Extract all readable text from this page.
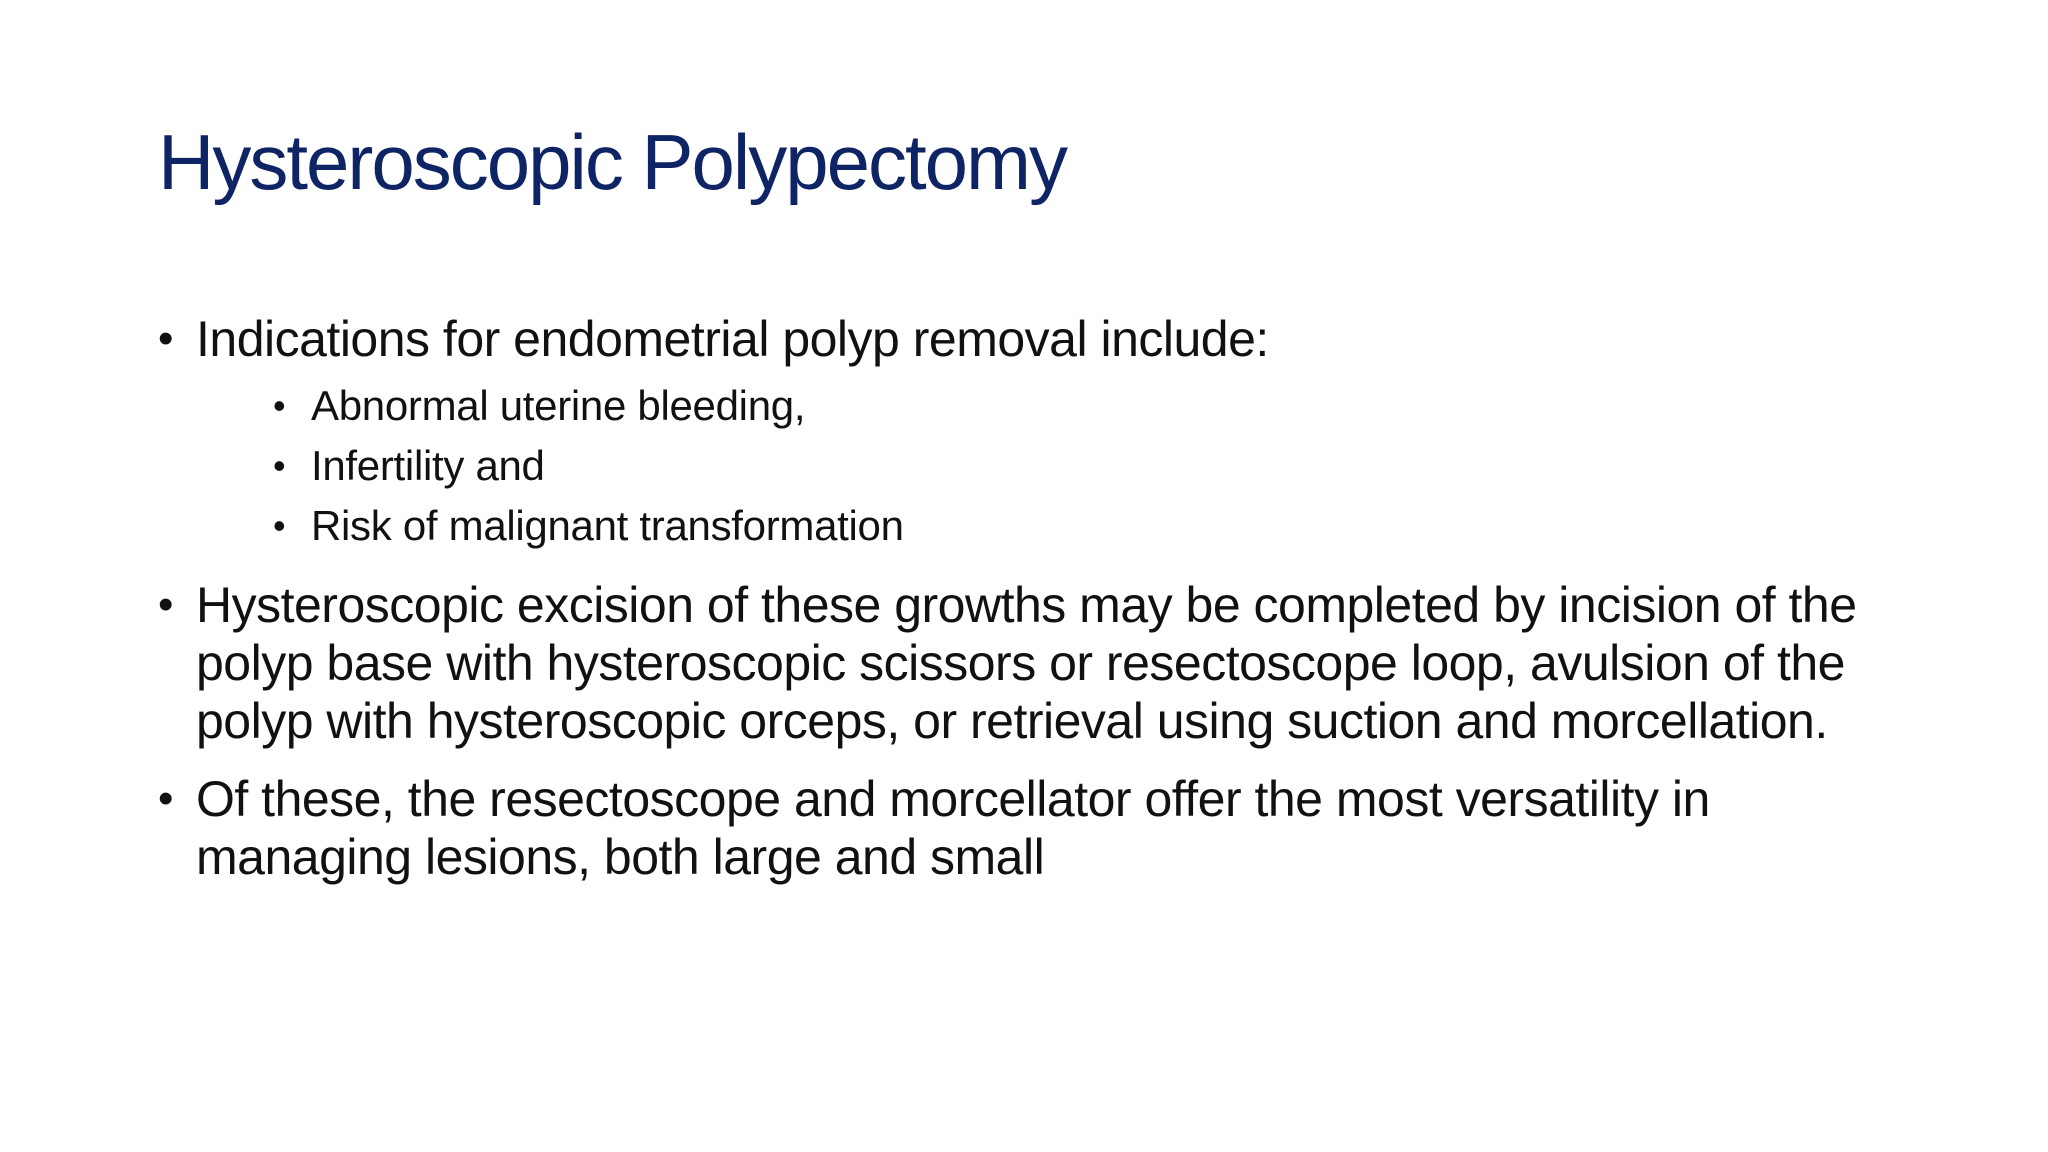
Hysteroscopic Polypectomy
• Indications for endometrial polyp removal include:
• Abnormal uterine bleeding,
• Infertility and
• Risk of malignant transformation
• Hysteroscopic excision of these growths may be completed by incision of the polyp base with hysteroscopic scissors or resectoscope loop, avulsion of the polyp with hysteroscopic orceps, or retrieval using suction and morcellation.
• Of these, the resectoscope and morcellator offer the most versatility in managing lesions, both large and small
